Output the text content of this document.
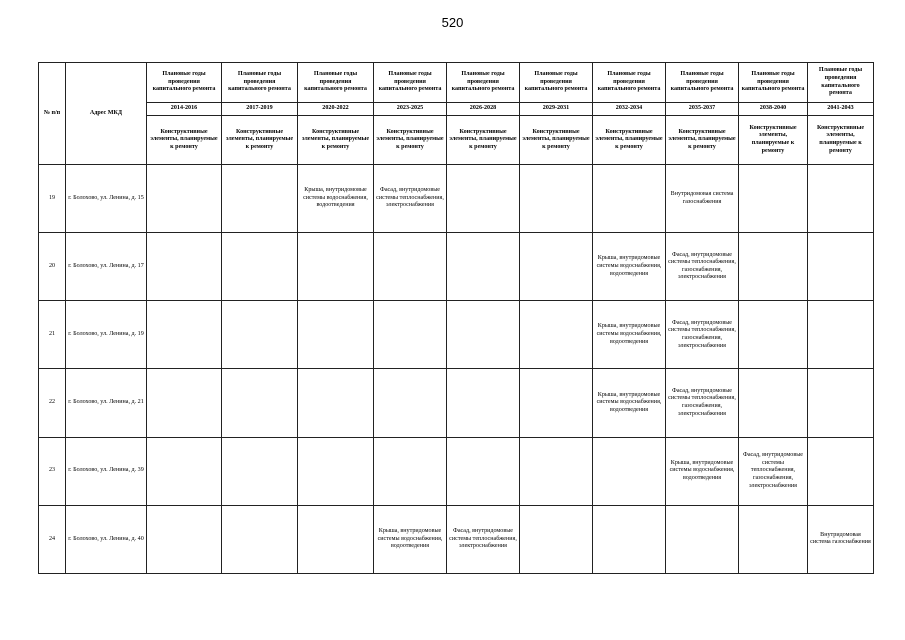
520
№ п/п	Адрес МКД	Плановые годы проведения капитального ремонта	Плановые годы проведения капитального ремонта	Плановые годы проведения капитального ремонта	Плановые годы проведения капитального ремонта	Плановые годы проведения капитального ремонта	Плановые годы проведения капитального ремонта	Плановые годы проведения капитального ремонта	Плановые годы проведения капитального ремонта	Плановые годы проведения капитального ремонта	Плановые годы проведения капитального ремонта
		2014-2016	2017-2019	2020-2022	2023-2025	2026-2028	2029-2031	2032-2034	2035-2037	2038-2040	2041-2043
		Конструктивные элементы, планируемые к ремонту	Конструктивные элементы, планируемые к ремонту	Конструктивные элементы, планируемые к ремонту	Конструктивные элементы, планируемые к ремонту	Конструктивные элементы, планируемые к ремонту	Конструктивные элементы, планируемые к ремонту	Конструктивные элементы, планируемые к ремонту	Конструктивные элементы, планируемые к ремонту	Конструктивные элементы, планируемые к ремонту	Конструктивные элементы, планируемые к ремонту
19	г. Болохово, ул. Ленина, д. 15			Крыша, внутридомовые системы водоснабжения, водоотведения	Фасад, внутридомовые системы теплоснабжения, электроснабжения				Внутридомовая система газоснабжения		
20	г. Болохово, ул. Ленина, д. 17							Крыша, внутридомовые системы водоснабжения, водоотведения	Фасад, внутридомовые системы теплоснабжения, газоснабжения, электроснабжения		
21	г. Болохово, ул. Ленина, д. 19							Крыша, внутридомовые системы водоснабжения, водоотведения	Фасад, внутридомовые системы теплоснабжения, газоснабжения, электроснабжения		
22	г. Болохово, ул. Ленина, д. 21							Крыша, внутридомовые системы водоснабжения, водоотведения	Фасад, внутридомовые системы теплоснабжения, газоснабжения, электроснабжения		
23	г. Болохово, ул. Ленина, д. 39								Крыша, внутридомовые системы водоснабжения, водоотведения	Фасад, внутридомовые системы теплоснабжения, газоснабжения, электроснабжения	
24	г. Болохово, ул. Ленина, д. 40				Крыша, внутридомовые системы водоснабжения, водоотведения	Фасад, внутридомовые системы теплоснабжения, электроснабжения					Внутридомовая система газоснабжения
